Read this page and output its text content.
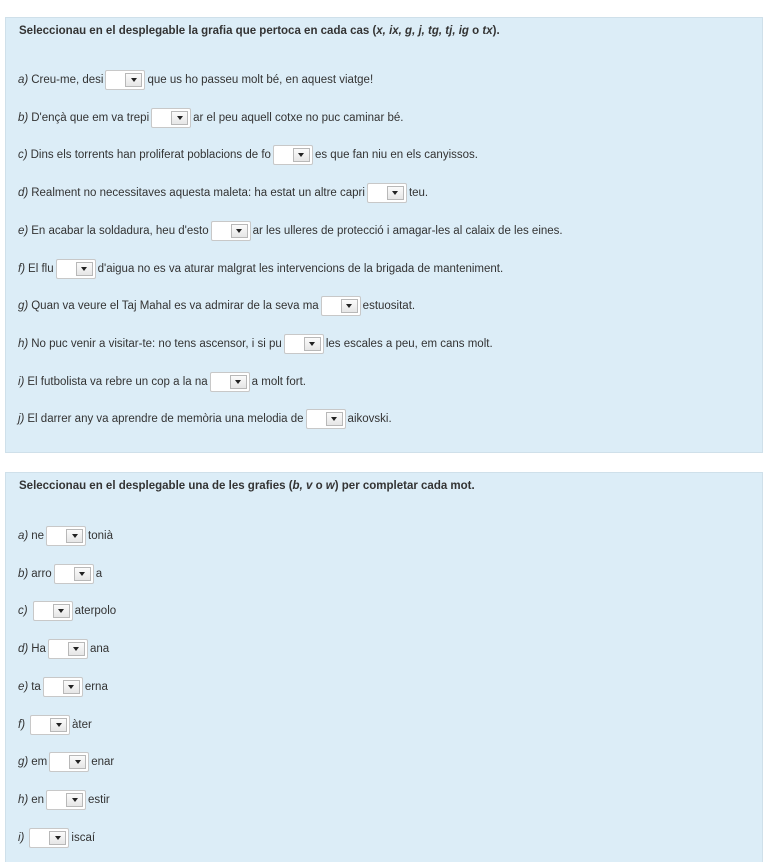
Seleccionau en el desplegable la grafia que pertoca en cada cas (x, ix, g, j, tg, tj, ig o tx).
a) Creu-me, desi	que us ho passeu molt bé, en aquest viatge!
b) D'ençà que em va trepi	ar el peu aquell cotxe no puc caminar bé.
c) Dins els torrents han proliferat poblacions de fo	es que fan niu en els canyissos.
d) Realment no necessitaves aquesta maleta: ha estat un altre capri	teu.
e) En acabar la soldadura, heu d'esto	ar les ulleres de protecció i amagar-les al calaix de les eines.
f) El flu	d'aigua no es va aturar malgrat les intervencions de la brigada de manteniment.
g) Quan va veure el Taj Mahal es va admirar de la seva ma	estuositat.
h) No puc venir a visitar-te: no tens ascensor, i si pu	les escales a peu, em cans molt.
i) El futbolista va rebre un cop a la na	a molt fort.
j) El darrer any va aprendre de memòria una melodia de	aikovski.
Seleccionau en el desplegable una de les grafies (b, v o w) per completar cada mot.
a) ne	tonià
b) arro	a
c)	aterpolo
d) Ha	ana
e) ta	erna
f)	àter
g) em	enar
h) en	estir
i)	iscaí
